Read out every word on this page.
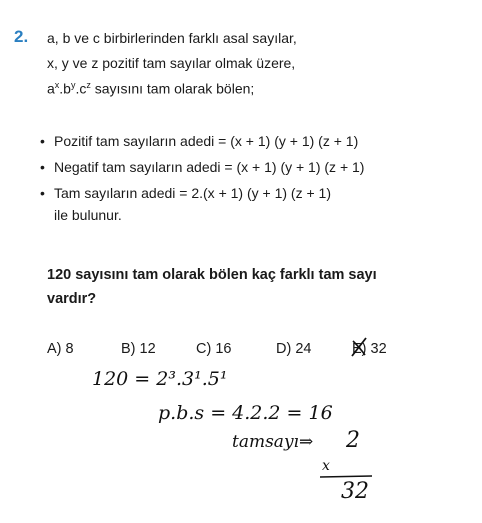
2. a, b ve c birbirlerinden farklı asal sayılar,
x, y ve z pozitif tam sayılar olmak üzere,
$a^x.b^y.c^z$ sayısını tam olarak bölen;
• Pozitif tam sayıların adedi = (x + 1) (y + 1) (z + 1)
• Negatif tam sayıların adedi = (x + 1) (y + 1) (z + 1)
• Tam sayıların adedi = 2.(x + 1) (y + 1) (z + 1)
ile bulunur.
120 sayısını tam olarak bölen kaç farklı tam sayı
vardır?
A) 8	B) 12	C) 16	D) 24	E) 32
120 = 2³.3¹.5¹
p.b.s = 4.2.2 = 16
tamsayı⇒ 2
x
32
